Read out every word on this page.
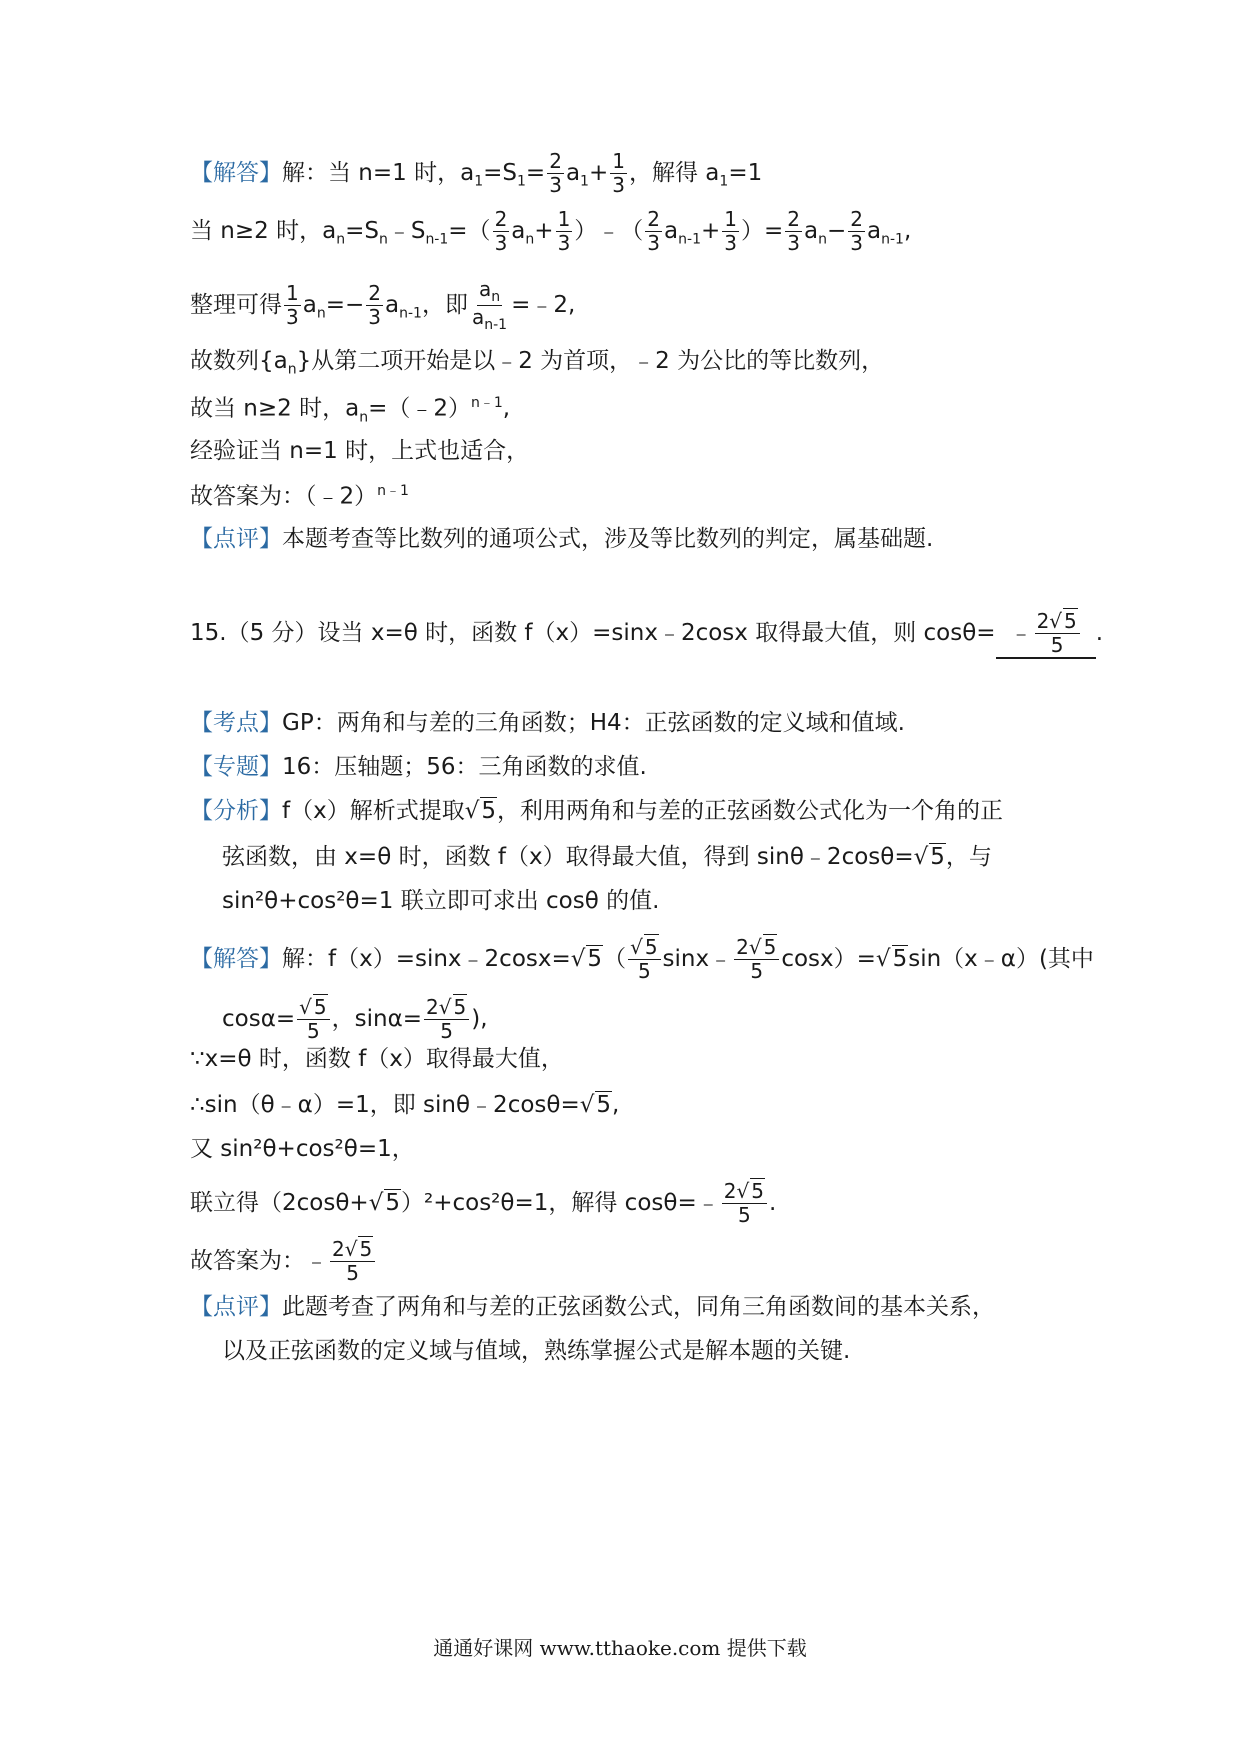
【解答】解：当 n=1 时，$a_1=S_1= \frac{2}{3} a_1+ \frac{1}{3}$ ，解得 $a_1=1$
当 n≥2 时，$a_n=S_n﹣S_{n-1}=( \frac{2}{3} a_n+ \frac{1}{3}$ ）﹣（ $\frac{2}{3} a_{n-1}+ \frac{1}{3}$ ）= $\frac{2}{3} a_n- \frac{2}{3} a_{n-1}$,
整理可得 $\frac{1}{3} a_n=- \frac{2}{3} a_{n-1}$，即 $\frac{a_n}{a_{n-1}}$ =﹣2,
故数列$\{a_n\}$从第二项开始是以﹣2 为首项，﹣2 为公比的等比数列，
故当 n≥2 时，$a_n=(﹣2)^{n﹣1}$,
经验证当 n=1 时，上式也适合，
故答案为：（﹣2）$^{n﹣1}$
【点评】本题考查等比数列的通项公式，涉及等比数列的判定，属基础题.
15.（5 分）设当 x=θ 时，函数 f（x）=sinx﹣2cosx 取得最大值，则 cosθ= ﹣ $\frac{2√ 5}{5}$ .
【考点】GP：两角和与差的三角函数；H4：正弦函数的定义域和值域.
【专题】16：压轴题；56：三角函数的求值.
【分析】f（x）解析式提取√ 5，利用两角和与差的正弦函数公式化为一个角的正
弦函数，由 x=θ 时，函数 f（x）取得最大值，得到 sinθ﹣2cosθ=√ 5，与
sin²θ+cos²θ=1 联立即可求出 cosθ 的值.
【解答】解：f（x）=sinx﹣2cosx=√ 5（
√ $\frac{5}{5}$ sinx﹣ $\frac{2√ 5}{5} \cos x)=√$ 5sin（x﹣α）(其中
cosα=
√ $\frac{5}{5}$ ，$\sin\alpha= \frac{2√ 5}{5}$ ),
∵x=θ 时，函数 f（x）取得最大值，
∴sin（θ﹣α）=1，即 sinθ﹣2cosθ=√ 5,
又 sin²θ+cos²θ=1，
联立得（2cosθ+√ 5）²+cos²θ=1，解得 cosθ=﹣ $\frac{2√ 5}{5}$ .
故答案为：﹣ $\frac{2√ 5}{5}$
【点评】此题考查了两角和与差的正弦函数公式，同角三角函数间的基本关系，
以及正弦函数的定义域与值域，熟练掌握公式是解本题的关键.
通通好课网 www.tthaoke.com 提供下载
